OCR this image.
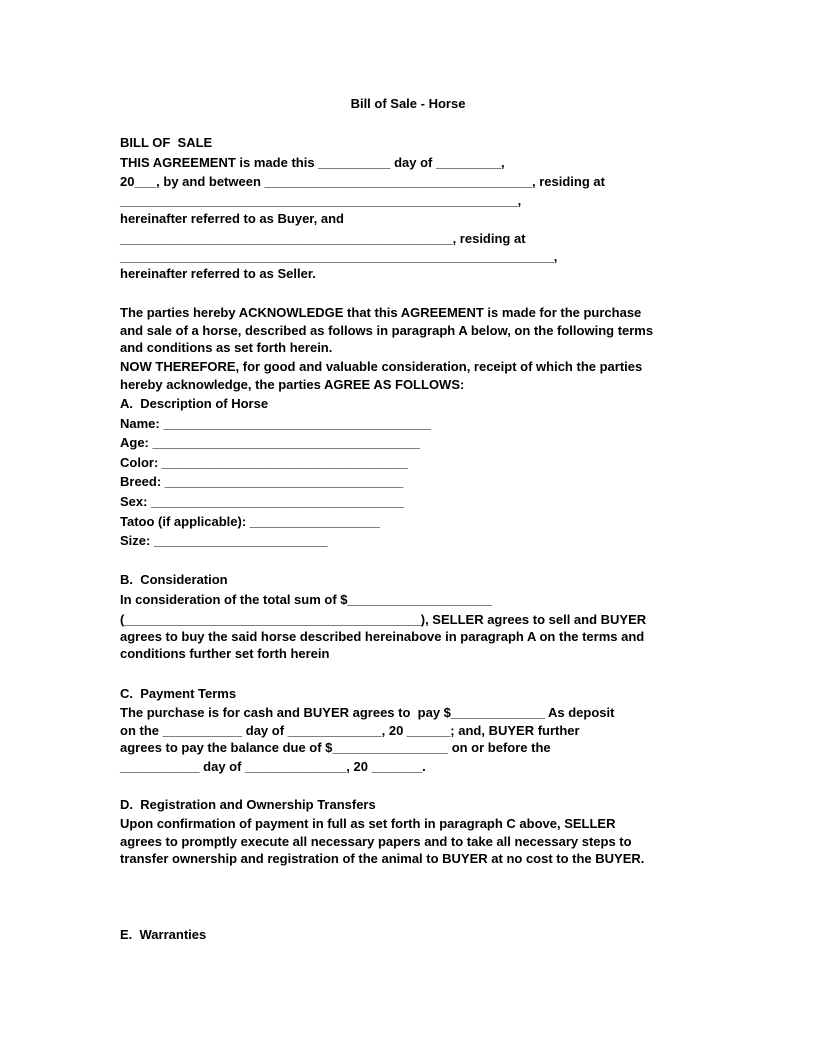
Bill of Sale - Horse
BILL OF  SALE
THIS AGREEMENT is made this __________ day of _________,
20___, by and between _____________________________________, residing at
_______________________________________________________,
hereinafter referred to as Buyer, and
______________________________________________, residing at
____________________________________________________________,
hereinafter referred to as Seller.
The parties hereby ACKNOWLEDGE that this AGREEMENT is made for the purchase
and sale of a horse, described as follows in paragraph A below, on the following terms
and conditions as set forth herein.
NOW THEREFORE, for good and valuable consideration, receipt of which the parties
hereby acknowledge, the parties AGREE AS FOLLOWS:
A.  Description of Horse
Name: _____________________________________
Age: _____________________________________
Color: __________________________________
Breed: _________________________________
Sex: ___________________________________
Tatoo (if applicable): __________________
Size: ________________________
B.  Consideration
In consideration of the total sum of $____________________
(_________________________________________), SELLER agrees to sell and BUYER
agrees to buy the said horse described hereinabove in paragraph A on the terms and
conditions further set forth herein
C.  Payment Terms
The purchase is for cash and BUYER agrees to  pay $_____________ As deposit
on the ___________ day of _____________, 20 ______; and, BUYER further
agrees to pay the balance due of $________________ on or before the
___________ day of ______________, 20 _______.
D.  Registration and Ownership Transfers
Upon confirmation of payment in full as set forth in paragraph C above, SELLER
agrees to promptly execute all necessary papers and to take all necessary steps to
transfer ownership and registration of the animal to BUYER at no cost to the BUYER.
E.  Warranties
